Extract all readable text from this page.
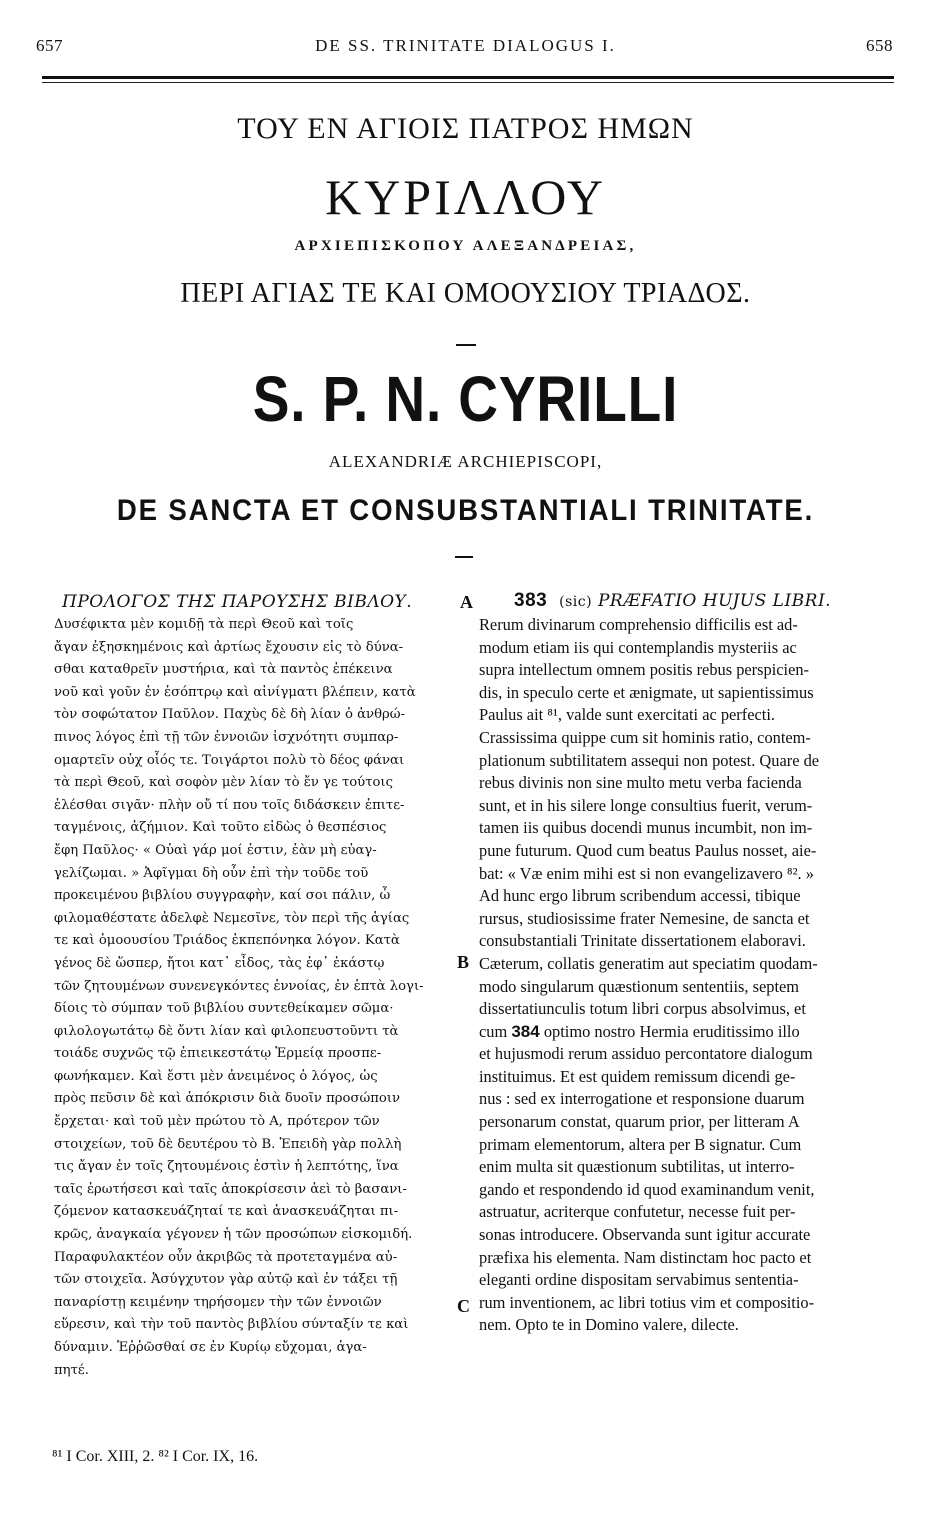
657	DE SS. TRINITATE DIALOGUS I.	658
ΤΟΥ ΕΝ ΑΓΙΟΙΣ ΠΑΤΡΟΣ ΗΜΩΝ
ΚΥΡΙΛΛΟΥ
ΑΡΧΙΕΠΙΣΚΟΠΟΥ ΑΛΕΞΑΝΔΡΕΙΑΣ,
ΠΕΡΙ ΑΓΙΑΣ ΤΕ ΚΑΙ ΟΜΟΟΥΣΙΟΥ ΤΡΙΑΔΟΣ.
S. P. N. CYRILLI
ALEXANDRIÆ ARCHIEPISCOPI,
DE SANCTA ET CONSUBSTANTIALI TRINITATE.
ΠΡΟΛΟΓΟΣ ΤΗΣ ΠΑΡΟΥΣΗΣ ΒΙΒΛΟΥ.	A 383 (sic) PRÆFATIO HUJUS LIBRI.
Δυσέφικτα μὲν κομιδῇ τὰ περὶ Θεοῦ καὶ τοῖς
ἄγαν ἐξησκημένοις καὶ ἀρτίως ἔχουσιν εἰς τὸ δύνα-
σθαι καταθρεῖν μυστήρια, καὶ τὰ παντὸς ἐπέκεινα
νοῦ καὶ γοῦν ἐν ἐσόπτρῳ καὶ αἰνίγματι βλέπειν, κατὰ
τὸν σοφώτατον Παῦλον. Παχὺς δὲ δὴ λίαν ὁ ἀνθρώ-
πινος λόγος ἐπὶ τῇ τῶν ἐννοιῶν ἰσχνότητι συμπαρ-
ομαρτεῖν οὐχ οἷός τε. Τοιγάρτοι πολὺ τὸ δέος φάναι
τὰ περὶ Θεοῦ, καὶ σοφὸν μὲν λίαν τὸ ἔν γε τούτοις
ἑλέσθαι σιγᾶν· πλὴν οὔ τί που τοῖς διδάσκειν ἐπιτε-
ταγμένοις, ἀζήμιον. Καὶ τοῦτο εἰδὼς ὁ θεσπέσιος
ἔφη Παῦλος· « Οὐαὶ γάρ μοί ἐστιν, ἐὰν μὴ εὐαγ-
γελίζωμαι. » Ἀφῖγμαι δὴ οὖν ἐπὶ τὴν τοῦδε τοῦ
προκειμένου βιβλίου συγγραφὴν, καί σοι πάλιν, ὦ
φιλομαθέστατε ἀδελφὲ Νεμεσῖνε, τὸν περὶ τῆς ἁγίας
τε καὶ ὁμοουσίου Τριάδος ἐκπεπόνηκα λόγον. Κατὰ
γένος δὲ ὥσπερ, ἤτοι κατ᾽ εἶδος, τὰς ἐφ᾽ ἑκάστῳ
τῶν ζητουμένων συνενεγκόντες ἐννοίας, ἐν ἑπτὰ λογι-
δίοις τὸ σύμπαν τοῦ βιβλίου συντεθείκαμεν σῶμα·
φιλολογωτάτῳ δὲ ὄντι λίαν καὶ φιλοπευστοῦντι τὰ
τοιάδε συχνῶς τῷ ἐπιεικεστάτῳ Ἑρμείᾳ προσπε-
φωνήκαμεν. Καὶ ἔστι μὲν ἀνειμένος ὁ λόγος, ὡς
πρὸς πεῦσιν δὲ καὶ ἀπόκρισιν διὰ δυοῖν προσώποιν
ἔρχεται· καὶ τοῦ μὲν πρώτου τὸ Α, πρότερον τῶν
στοιχείων, τοῦ δὲ δευτέρου τὸ Β. Ἐπειδὴ γὰρ πολλὴ
τις ἄγαν ἐν τοῖς ζητουμένοις ἐστὶν ἡ λεπτότης, ἵνα
ταῖς ἐρωτήσεσι καὶ ταῖς ἀποκρίσεσιν ἀεὶ τὸ βασανι-
ζόμενον κατασκευάζηταί τε καὶ ἀνασκευάζηται πι-
κρῶς, ἀναγκαία γέγονεν ἡ τῶν προσώπων εἰσκομιδή.
Παραφυλακτέον οὖν ἀκριβῶς τὰ προτεταγμένα αὐ-
τῶν στοιχεῖα. Ἀσύγχυτον γὰρ αὐτῷ καὶ ἐν τάξει τῇ
παναρίστῃ κειμένην τηρήσομεν τὴν τῶν ἐννοιῶν
εὕρεσιν, καὶ τὴν τοῦ παντὸς βιβλίου σύνταξίν τε καὶ
δύναμιν. Ἐῤῥῶσθαί σε ἐν Κυρίῳ εὔχομαι, ἀγα-
πητέ.
B
C
Rerum divinarum comprehensio difficilis est ad-
modum etiam iis qui contemplandis mysteriis ac
supra intellectum omnem positis rebus perspicien-
dis, in speculo certe et ænigmate, ut sapientissimus
Paulus ait ⁸¹, valde sunt exercitati ac perfecti.
Crassissima quippe cum sit hominis ratio, contem-
plationum subtilitatem assequi non potest. Quare de
rebus divinis non sine multo metu verba facienda
sunt, et in his silere longe consultius fuerit, verum-
tamen iis quibus docendi munus incumbit, non im-
pune futurum. Quod cum beatus Paulus nosset, aie-
bat: « Væ enim mihi est si non evangelizavero ⁸². »
Ad hunc ergo librum scribendum accessi, tibique
rursus, studiosissime frater Nemesine, de sancta et
consubstantiali Trinitate dissertationem elaboravi.
Cæterum, collatis generatim aut speciatim quodam-
modo singularum quæstionum sententiis, septem
dissertatiunculis totum libri corpus absolvimus, et
cum 384 optimo nostro Hermia eruditissimo illo
et hujusmodi rerum assiduo percontatore dialogum
instituimus. Et est quidem remissum dicendi ge-
nus : sed ex interrogatione et responsione duarum
personarum constat, quarum prior, per litteram A
primam elementorum, altera per B signatur. Cum
enim multa sit quæstionum subtilitas, ut interro-
gando et respondendo id quod examinandum venit,
astruatur, acriterque confutetur, necesse fuit per-
sonas introducere. Observanda sunt igitur accurate
præfixa his elementa. Nam distinctam hoc pacto et
eleganti ordine dispositam servabimus sententia-
rum inventionem, ac libri totius vim et compositio-
nem. Opto te in Domino valere, dilecte.
⁸¹ I Cor. XIII, 2. ⁸² I Cor. IX, 16.
